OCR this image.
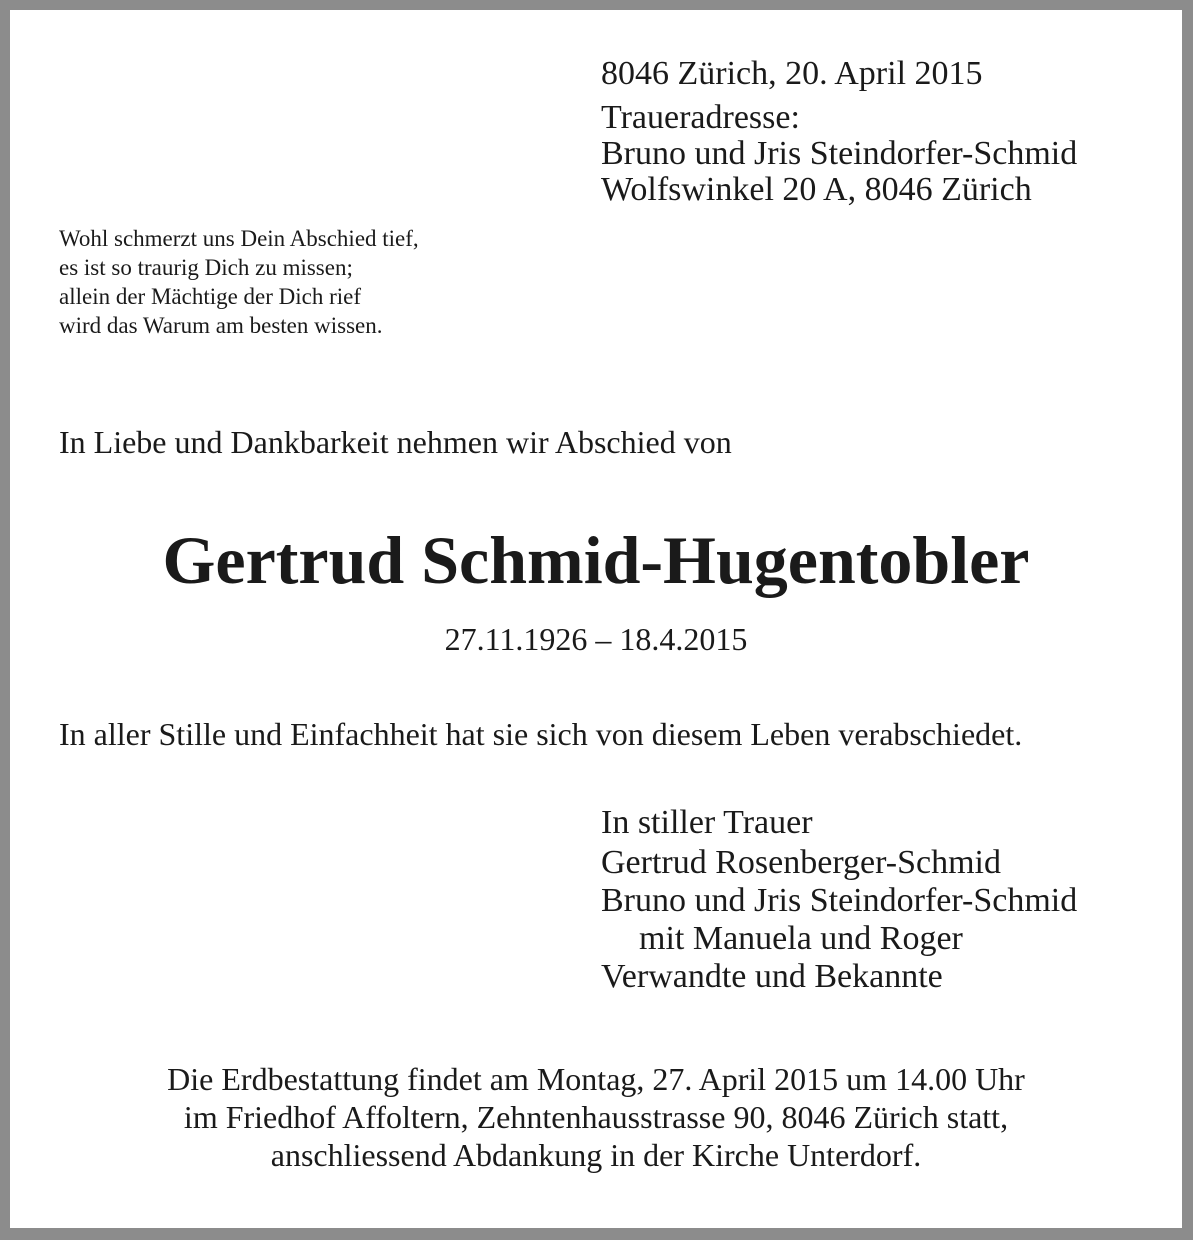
8046 Zürich, 20. April 2015
Traueradresse:
Bruno und Jris Steindorfer-Schmid
Wolfswinkel 20 A, 8046 Zürich
Wohl schmerzt uns Dein Abschied tief,
es ist so traurig Dich zu missen;
allein der Mächtige der Dich rief
wird das Warum am besten wissen.

In Liebe und Dankbarkeit nehmen wir Abschied von

Gertrud Schmid-Hugentobler

27.11.1926 – 18.4.2015

In aller Stille und Einfachheit hat sie sich von diesem Leben verabschiedet.

In stiller Trauer
Gertrud Rosenberger-Schmid
Bruno und Jris Steindorfer-Schmid
mit Manuela und Roger
Verwandte und Bekannte
Die Erdbestattung findet am Montag, 27. April 2015 um 14.00 Uhr
im Friedhof Affoltern, Zehntenhausstrasse 90, 8046 Zürich statt,
anschliessend Abdankung in der Kirche Unterdorf.
